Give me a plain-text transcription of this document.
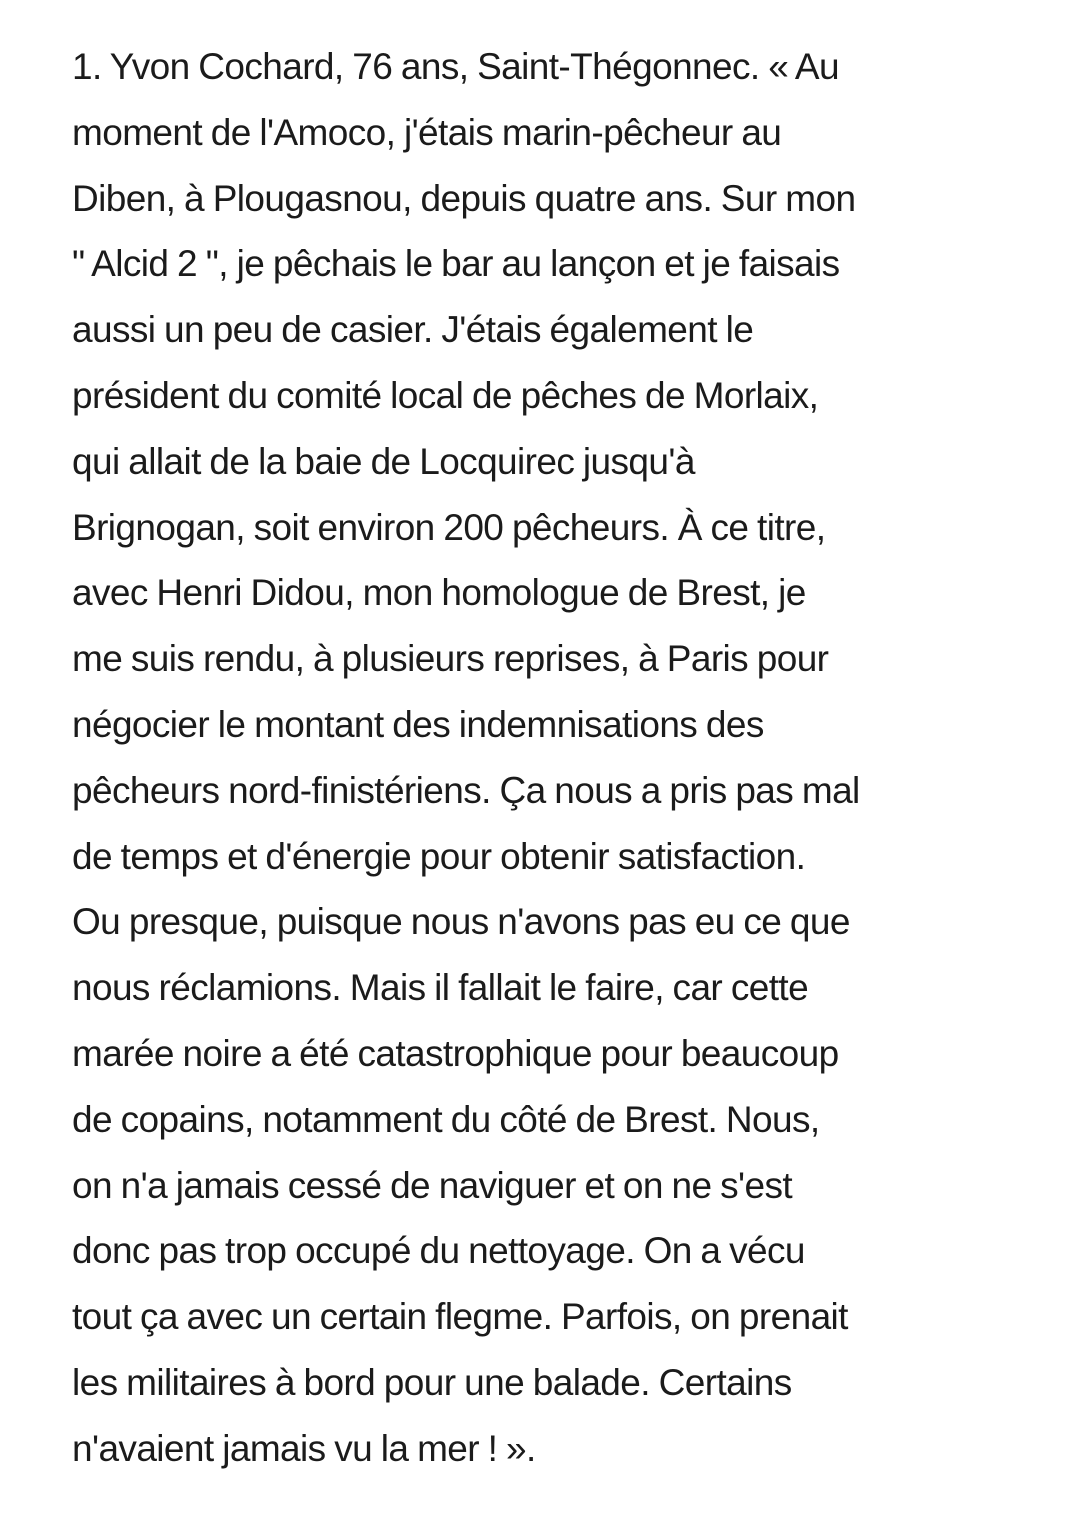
1. Yvon Cochard, 76 ans, Saint-Thégonnec. « Au
moment de l'Amoco, j'étais marin-pêcheur au
Diben, à Plougasnou, depuis quatre ans. Sur mon
" Alcid 2 ", je pêchais le bar au lançon et je faisais
aussi un peu de casier. J'étais également le
président du comité local de pêches de Morlaix,
qui allait de la baie de Locquirec jusqu'à
Brignogan, soit environ 200 pêcheurs. À ce titre,
avec Henri Didou, mon homologue de Brest, je
me suis rendu, à plusieurs reprises, à Paris pour
négocier le montant des indemnisations des
pêcheurs nord-finistériens. Ça nous a pris pas mal
de temps et d'énergie pour obtenir satisfaction.
Ou presque, puisque nous n'avons pas eu ce que
nous réclamions. Mais il fallait le faire, car cette
marée noire a été catastrophique pour beaucoup
de copains, notamment du côté de Brest. Nous,
on n'a jamais cessé de naviguer et on ne s'est
donc pas trop occupé du nettoyage. On a vécu
tout ça avec un certain flegme. Parfois, on prenait
les militaires à bord pour une balade. Certains
n'avaient jamais vu la mer ! ».
